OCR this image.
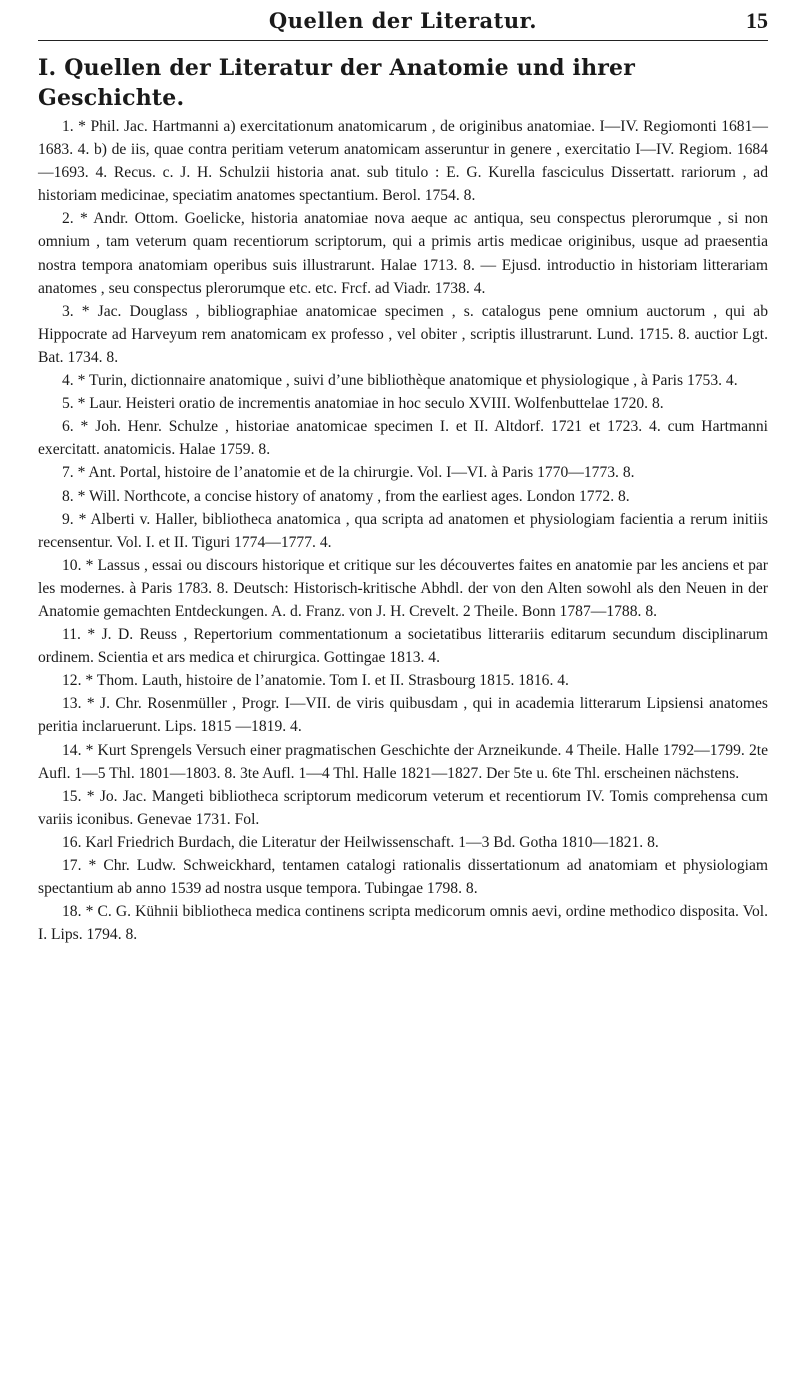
Quellen der Literatur.	15
I. Quellen der Literatur der Anatomie und ihrer Geschichte.

1. * Phil. Jac. Hartmanni a) exercitationum anatomicarum , de originibus anatomiae. I—IV. Regiomonti 1681—1683. 4. b) de iis, quae contra peritiam veterum anatomicam asseruntur in genere , exercitatio I—IV. Regiom. 1684—1693. 4. Recus. c. J. H. Schulzii historia anat. sub titulo : E. G. Kurella fasciculus Dissertatt. rariorum , ad historiam medicinae, speciatim anatomes spectantium. Berol. 1754. 8.

2. * Andr. Ottom. Goelicke, historia anatomiae nova aeque ac antiqua, seu conspectus plerorumque , si non omnium , tam veterum quam recentiorum scriptorum, qui a primis artis medicae originibus, usque ad praesentia nostra tempora anatomiam operibus suis illustrarunt. Halae 1713. 8. — Ejusd. introductio in historiam litterariam anatomes , seu conspectus plerorumque etc. etc. Frcf. ad Viadr. 1738. 4.

3. * Jac. Douglass , bibliographiae anatomicae specimen , s. catalogus pene omnium auctorum , qui ab Hippocrate ad Harveyum rem anatomicam ex professo , vel obiter , scriptis illustrarunt. Lund. 1715. 8. auctior Lgt. Bat. 1734. 8.

4. * Turin, dictionnaire anatomique , suivi d’une bibliothèque anatomique et physiologique , à Paris 1753. 4.

5. * Laur. Heisteri oratio de incrementis anatomiae in hoc seculo XVIII. Wolfenbuttelae 1720. 8.

6. * Joh. Henr. Schulze , historiae anatomicae specimen I. et II. Altdorf. 1721 et 1723. 4. cum Hartmanni exercitatt. anatomicis. Halae 1759. 8.

7. * Ant. Portal, histoire de l’anatomie et de la chirurgie. Vol. I—VI. à Paris 1770—1773. 8.

8. * Will. Northcote, a concise history of anatomy , from the earliest ages. London 1772. 8.

9. * Alberti v. Haller, bibliotheca anatomica , qua scripta ad anatomen et physiologiam facientia a rerum initiis recensentur. Vol. I. et II. Tiguri 1774—1777. 4.

10. * Lassus , essai ou discours historique et critique sur les découvertes faites en anatomie par les anciens et par les modernes. à Paris 1783. 8. Deutsch: Historisch-kritische Abhdl. der von den Alten sowohl als den Neuen in der Anatomie gemachten Entdeckungen. A. d. Franz. von J. H. Crevelt. 2 Theile. Bonn 1787—1788. 8.

11. * J. D. Reuss , Repertorium commentationum a societatibus litterariis editarum secundum disciplinarum ordinem. Scientia et ars medica et chirurgica. Gottingae 1813. 4.

12. * Thom. Lauth, histoire de l’anatomie. Tom I. et II. Strasbourg 1815. 1816. 4.

13. * J. Chr. Rosenmüller , Progr. I—VII. de viris quibusdam , qui in academia litterarum Lipsiensi anatomes peritia inclaruerunt. Lips. 1815 —1819. 4.

14. * Kurt Sprengels Versuch einer pragmatischen Geschichte der Arzneikunde. 4 Theile. Halle 1792—1799. 2te Aufl. 1—5 Thl. 1801—1803. 8. 3te Aufl. 1—4 Thl. Halle 1821—1827. Der 5te u. 6te Thl. erscheinen nächstens.

15. * Jo. Jac. Mangeti bibliotheca scriptorum medicorum veterum et recentiorum IV. Tomis comprehensa cum variis iconibus. Genevae 1731. Fol.

16. Karl Friedrich Burdach, die Literatur der Heilwissenschaft. 1—3 Bd. Gotha 1810—1821. 8.

17. * Chr. Ludw. Schweickhard, tentamen catalogi rationalis dissertationum ad anatomiam et physiologiam spectantium ab anno 1539 ad nostra usque tempora. Tubingae 1798. 8.

18. * C. G. Kühnii bibliotheca medica continens scripta medicorum omnis aevi, ordine methodico disposita. Vol. I. Lips. 1794. 8.
